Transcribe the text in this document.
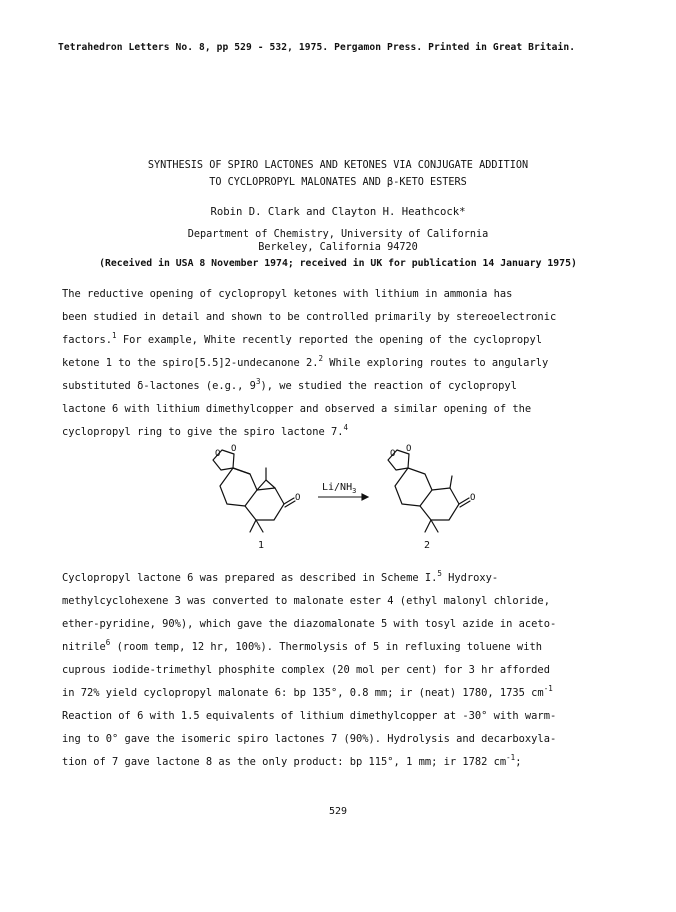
Tetrahedron Letters No. 8, pp 529 - 532, 1975. Pergamon Press. Printed in Great Britain.
SYNTHESIS OF SPIRO LACTONES AND KETONES VIA CONJUGATE ADDITION
TO CYCLOPROPYL MALONATES AND β-KETO ESTERS
Robin D. Clark and Clayton H. Heathcock*
Department of Chemistry, University of California
Berkeley, California 94720
(Received in USA 8 November 1974; received in UK for publication 14 January 1975)
The reductive opening of cyclopropyl ketones with lithium in ammonia has
been studied in detail and shown to be controlled primarily by stereoelectronic
factors.$^1$ For example, White recently reported the opening of the cyclopropyl
ketone 1 to the spiro[5.5]2-undecanone 2.$^2$ While exploring routes to angularly
substituted δ-lactones (e.g., $9^3$), we studied the reaction of cyclopropyl
lactone 6 with lithium dimethylcopper and observed a similar opening of the
cyclopropyl ring to give the spiro lactone 7.$^4$
O O
O
O O
O
$Li/NH_3$
1	2
Cyclopropyl lactone 6 was prepared as described in Scheme I.$^5$ Hydroxy-
methylcyclohexene 3 was converted to malonate ester 4 (ethyl malonyl chloride,
ether-pyridine, 90%), which gave the diazomalonate 5 with tosyl azide in aceto-
nitrile$^6$ (room temp, 12 hr, 100%). Thermolysis of 5 in refluxing toluene with
cuprous iodide-trimethyl phosphite complex (20 mol per cent) for 3 hr afforded
in 72% yield cyclopropyl malonate 6: bp 135°, 0.8 mm; ir (neat) 1780, 1735 $cm^{-1}$
Reaction of 6 with 1.5 equivalents of lithium dimethylcopper at -30° with warm-
ing to 0° gave the isomeric spiro lactones 7 (90%). Hydrolysis and decarboxyla-
tion of 7 gave lactone 8 as the only product: bp 115°, 1 mm; ir 1782 $cm^{-1}$;
529
